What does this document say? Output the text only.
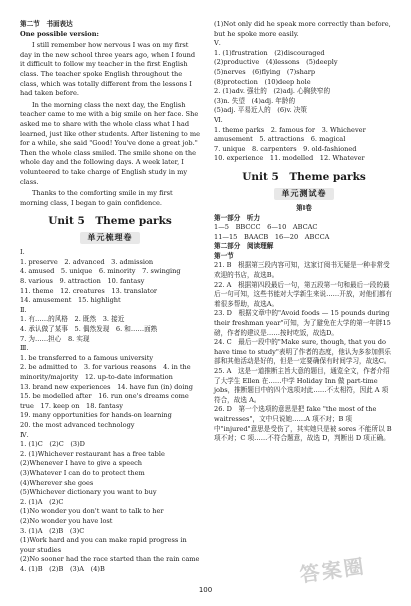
第二节　书面表达
One possible version:
I still remember how nervous I was on my first day in the new school three years ago, when I found it difficult to follow my teacher in the first English class. The teacher spoke English throughout the class, which was totally different from the lessons I had taken before.
In the morning class the next day, the English teacher came to me with a big smile on her face. She asked me to share with the whole class what I had learned, just like other students. After listening to me for a while, she said "Good! You've done a great job." Then the whole class smiled. The smile shone on the whole day and the following days. A week later, I volunteered to take charge of English study in my class.
Thanks to the comforting smile in my first morning class, I began to gain confidence.
Unit 5　Theme parks
单元梳理卷
Ⅰ.
1. preserve　2. advanced　3. admission
4. amused　5. unique　6. minority　7. swinging
8. various　9. attraction　10. fantasy
11. theme　12. creatures　13. translator
14. amusement　15. highlight
Ⅱ.
1. 有……的风格　2. 既然　3. 接近
4. 承认做了某事　5. 偶然发现　6. 和……面熟
7. 为……担心　8. 实现
Ⅲ.
1. be transferred to a famous university
2. be admitted to　3. for various reasons　4. in the minority/majority　12. up-to-date information
13. brand new experiences　14. have fun (in) doing　15. be modelled after　16. run one's dreams come true　17. keep on　18. fantasy
19. many opportunities for hands-on learning
20. the most advanced technology
Ⅳ.
1. (1)C　(2)C　(3)D
2. (1)Whichever restaurant has a free table
(2)Whenever I have to give a speech
(3)Whatever I can do to protect them
(4)Wherever she goes
(5)Whichever dictionary you want to buy
2. (1)A　(2)C
(1)No wonder you don't want to talk to her
(2)No wonder you have lost
3. (1)A　(2)B　(3)C
(1)Work hard and you can make rapid progress in your studies
(2)No sooner had the race started than the rain came
4. (1)B　(2)B　(3)A　(4)B
(1)Not only did he speak more correctly than before, but he spoke more easily.
Ⅴ.
1. (1)frustration　(2)discouraged
(2)productive　(4)lessons　(5)deeply
(5)nerves　(6)flying　(7)sharp
(8)protection　(10)deep hole
2. (1)adv. 强壮的　(2)adj. 心胸狭窄的
(3)n. 失望　(4)adj. 年龄的
(5)adj. 平易近人的　(6)v. 决策
Ⅵ.
1. theme parks　2. famous for　3. Whichever
amusement　5. attractions　6. magical
7. unique　8. carpenters　9. old-fashioned
10. experience　11. modelled　12. Whatever
Unit 5　Theme parks
单元测试卷
第Ⅰ卷
第一部分　听力
1—5　BBCCC　6—10　ABCAC
11—15　BAACB　16—20　ABCCA
第二部分　阅读理解
第一节
21. B　根据第三段内容可知，这家订阅书无疑是一种非常受欢迎的书店，故选B。
22. A　根据第四段最后一句，第五段第一句和最后一段的最后一句可知，这些书能对大学新生来说……开放，对他们都有着很多帮助，故选A。
23. D　根据文章中的"Avoid foods — 15 pounds during their freshman year"可知，为了避免在大学的第一年胖15磅，作者的建议是……按时吃饭，故选D。
24. C　最后一段中的"Make sure, though, that you do have time to study"表明了作者的态度，他认为多参加俱乐部和其他活动是好的，但是一定要确保有时间学习，故选C。
25. A　这是一道推断主旨大意的题目，通览全文，作者介绍了大学生 Ellen 在……中学 Holiday Inn 做 part-time jobs，推断题目中的四个选项对此……不太相符，因此 A 项符合，故选 A。
26. D　第一个选项的意思是把 fake "the most of the waitresses"，文中只说她……A 项不对；B 项中"injured"意思是受伤了，其实她只是被 sores 不能所以 B 项不对；C 项……不符合题意，故选 D，判断出 D 项正确。
答案圈
100
